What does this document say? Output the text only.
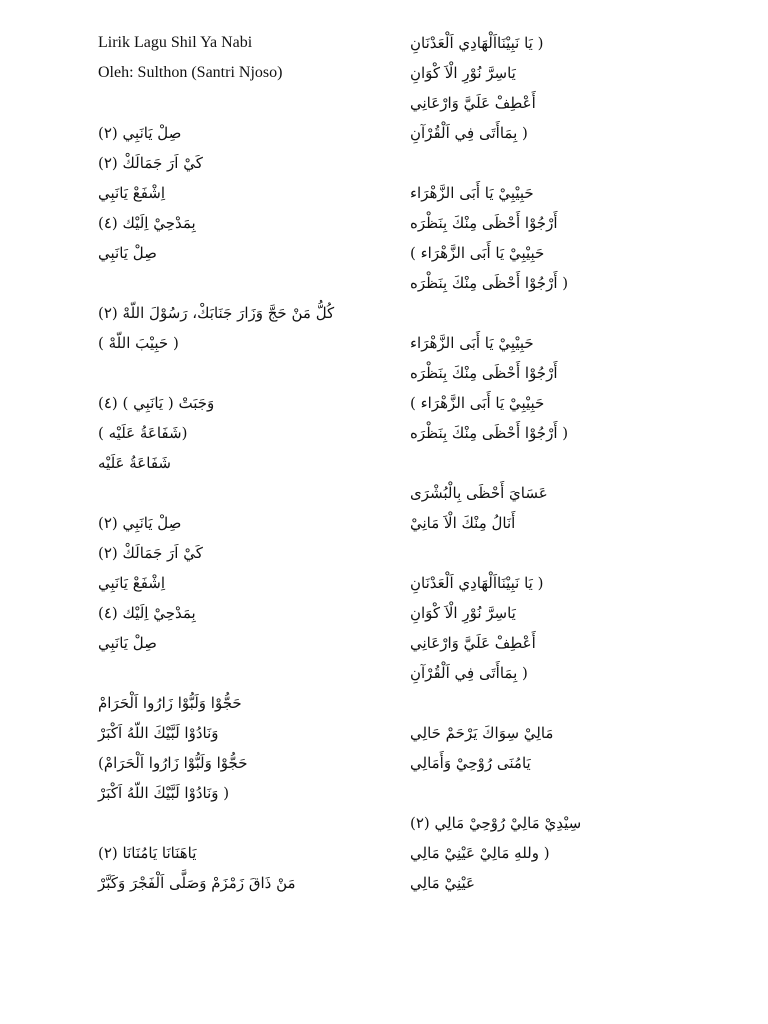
Lirik Lagu Shil Ya Nabi
Oleh: Sulthon (Santri Njoso)
صِلْ يَانَبِي (٢)
كَيْ اَرَ جَمَالَكْ (٢)
اِشْفَعْ يَانَبِي
بِمَدْحِيْ اِلَيْك (٤)
صِلْ يَانَبِي
كُلُّ مَنْ حَجَّ وَزَارَ جَنَابَكْ، رَسُوْلَ اللّهْ (٢)
( حَبِيْبَ اللّهْ )
وَجَبَتْ ( يَانَبِي ) (٤)
(شَفَاعَةُ عَلَيْه )
شَفَاعَةُ عَلَيْه
صِلْ يَانَبِي (٢)
كَيْ اَرَ جَمَالَكْ (٢)
اِشْفَعْ يَانَبِي
بِمَدْحِيْ اِلَيْك (٤)
صِلْ يَانَبِي
حَجُّوْا وَلَبُّوْا زَارُوا اَلْحَرَامْ
وَنَادُوْا لَبَّيْكَ اللّهُ اَكْبَرْ
حَجُّوْا وَلَبُّوْا زَارُوا اَلْحَرَامْ)
( وَنَادُوْا لَبَّيْكَ اللّهُ اَكْبَرْ
يَاهَنَانَا يَامُنَانَا (٢)
مَنْ ذَاقَ زَمْزَمْ وَصَلَّى اَلْفَجْرَ وَكَبَّرْ
( يَا نَبِيْنَااَلْهَادِي اَلْعَدْنَانِ
يَاسِرَّ نُوْرِ الْاَ كْوَانِ
أَعْطِفْ عَلَيَّ وَارْعَانِي
( بِمَاأَتَى فِي اَلْقُرْآنِ
حَبِيْبِيْ يَا أَبَى الزَّهْرَاء
أَرْجُوْا أَحْظَى مِنْكَ بِنَظْرَه
حَبِيْبِيْ يَا أَبَى الزَّهْرَاء )
( أَرْجُوْا أَحْظَى مِنْكَ بِنَظْرَه
حَبِيْبِيْ يَا أَبَى الزَّهْرَاء
أَرْجُوْا أَحْظَى مِنْكَ بِنَظْرَه
حَبِيْبِيْ يَا أَبَى الزَّهْرَاء )
( أَرْجُوْا أَحْظَى مِنْكَ بِنَظْرَه
عَسَايَ أَحْظَى بِالْبُشْرَى
أَنَالُ مِنْكَ الْاَ مَانِيْ
( يَا نَبِيْنَااَلْهَادِي اَلْعَدْنَانِ
يَاسِرَّ نُوْرِ الْاَ كْوَانِ
أَعْطِفْ عَلَيَّ وَارْعَانِي
( بِمَاأَتَى فِي اَلْقُرْآنِ
مَالِيْ سِوَاكَ يَرْحَمْ حَالِي
يَامُنَى رُوْحِيْ وَأَمَالِي
سِيْدِيْ مَالِيْ رُوْحِيْ مَالِي (٢)
( وللهِ مَالِيْ عَيْنِيْ مَالِي
عَيْنِيْ مَالِي
